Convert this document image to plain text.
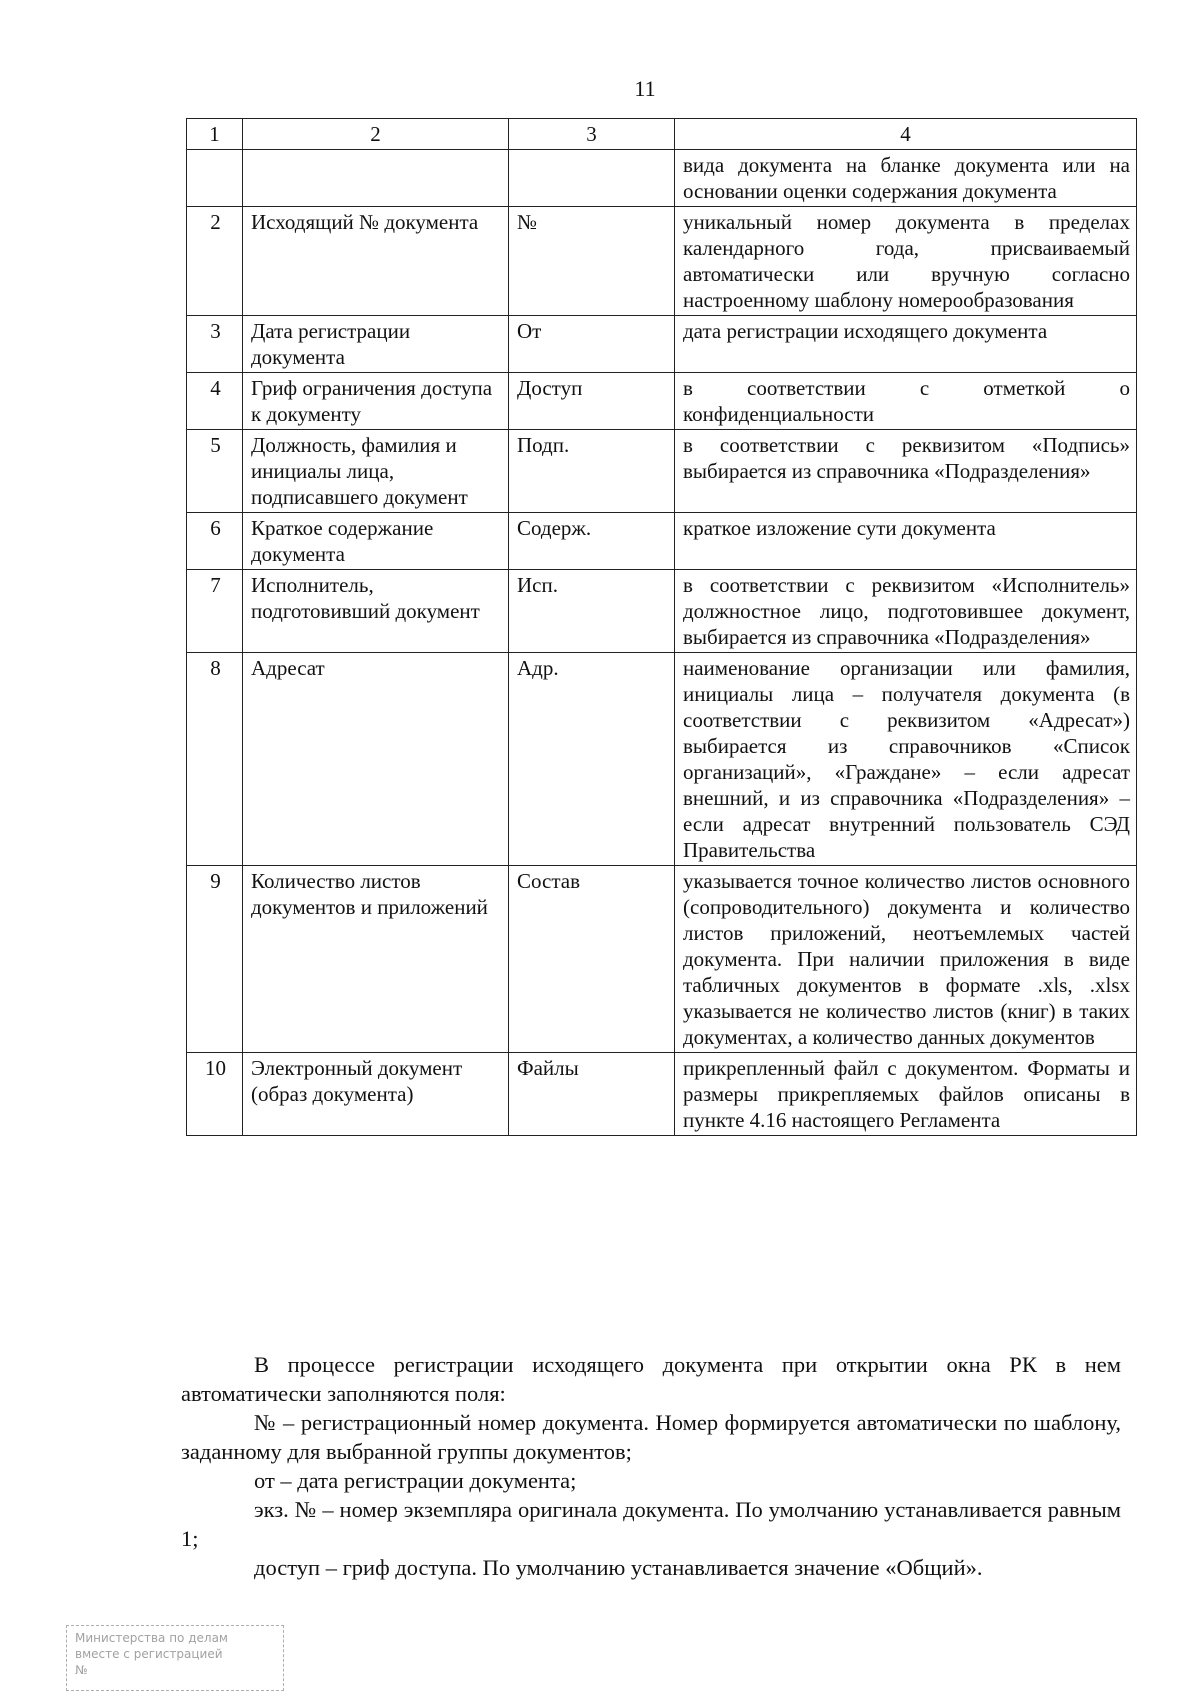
11
1	2	3	4
			вида документа на бланке документа или на основании оценки содержания документа
2	Исходящий № документа	№	уникальный номер документа в пределах календарного года, присваиваемый автоматически или вручную согласно настроенному шаблону номерообразования
3	Дата регистрации документа	От	дата регистрации исходящего документа
4	Гриф ограничения доступа к документу	Доступ	в соответствии с отметкой о конфиденциальности
5	Должность, фамилия и инициалы лица, подписавшего документ	Подп.	в соответствии с реквизитом «Подпись» выбирается из справочника «Подразделения»
6	Краткое содержание документа	Содерж.	краткое изложение сути документа
7	Исполнитель, подготовивший документ	Исп.	в соответствии с реквизитом «Исполнитель» должностное лицо, подготовившее документ, выбирается из справочника «Подразделения»
8	Адресат	Адр.	наименование организации или фамилия, инициалы лица – получателя документа (в соответствии с реквизитом «Адресат») выбирается из справочников «Список организаций», «Граждане» – если адресат внешний, и из справочника «Подразделения» – если адресат внутренний пользователь СЭД Правительства
9	Количество листов документов и приложений	Состав	указывается точное количество листов основного (сопроводительного) документа и количество листов приложений, неотъемлемых частей документа. При наличии приложения в виде табличных документов в формате .xls, .xlsx указывается не количество листов (книг) в таких документах, а количество данных документов
10	Электронный документ (образ документа)	Файлы	прикрепленный файл с документом. Форматы и размеры прикрепляемых файлов описаны в пункте 4.16 настоящего Регламента

В процессе регистрации исходящего документа при открытии окна РК в нем автоматически заполняются поля:

№ – регистрационный номер документа. Номер формируется автоматически по шаблону, заданному для выбранной группы документов;

от – дата регистрации документа;

экз. № – номер экземпляра оригинала документа. По умолчанию устанавливается равным 1;

доступ – гриф доступа. По умолчанию устанавливается значение «Общий».

Министерства по делам
вместе с регистрацией
№
